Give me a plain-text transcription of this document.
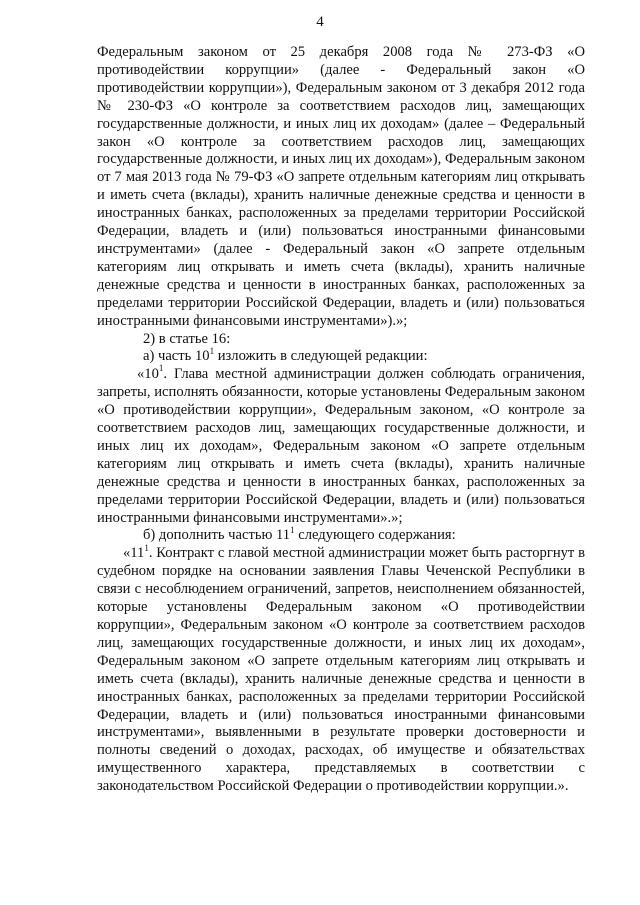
4

Федеральным законом от 25 декабря 2008 года № 273-ФЗ «О противодействии коррупции» (далее - Федеральный закон «О противодействии коррупции»), Федеральным законом от 3 декабря 2012 года № 230-ФЗ «О контроле за соответствием расходов лиц, замещающих государственные должности, и иных лиц их доходам» (далее – Федеральный закон «О контроле за соответствием расходов лиц, замещающих государственные должности, и иных лиц их доходам»), Федеральным законом от 7 мая 2013 года № 79-ФЗ «О запрете отдельным категориям лиц открывать и иметь счета (вклады), хранить наличные денежные средства и ценности в иностранных банках, расположенных за пределами территории Российской Федерации, владеть и (или) пользоваться иностранными финансовыми инструментами» (далее - Федеральный закон «О запрете отдельным категориям лиц открывать и иметь счета (вклады), хранить наличные денежные средства и ценности в иностранных банках, расположенных за пределами территории Российской Федерации, владеть и (или) пользоваться иностранными финансовыми инструментами»).»;

2) в статье 16:

а) часть $10^1$ изложить в следующей редакции:

«$10^1$. Глава местной администрации должен соблюдать ограничения, запреты, исполнять обязанности, которые установлены Федеральным законом «О противодействии коррупции», Федеральным законом, «О контроле за соответствием расходов лиц, замещающих государственные должности, и иных лиц их доходам», Федеральным законом «О запрете отдельным категориям лиц открывать и иметь счета (вклады), хранить наличные денежные средства и ценности в иностранных банках, расположенных за пределами территории Российской Федерации, владеть и (или) пользоваться иностранными финансовыми инструментами».»;

б) дополнить частью $11^1$ следующего содержания:

«$11^1$. Контракт с главой местной администрации может быть расторгнут в судебном порядке на основании заявления Главы Чеченской Республики в связи с несоблюдением ограничений, запретов, неисполнением обязанностей, которые установлены Федеральным законом «О противодействии коррупции», Федеральным законом «О контроле за соответствием расходов лиц, замещающих государственные должности, и иных лиц их доходам», Федеральным законом «О запрете отдельным категориям лиц открывать и иметь счета (вклады), хранить наличные денежные средства и ценности в иностранных банках, расположенных за пределами территории Российской Федерации, владеть и (или) пользоваться иностранными финансовыми инструментами», выявленными в результате проверки достоверности и полноты сведений о доходах, расходах, об имуществе и обязательствах имущественного характера, представляемых в соответствии с законодательством Российской Федерации о противодействии коррупции.».
